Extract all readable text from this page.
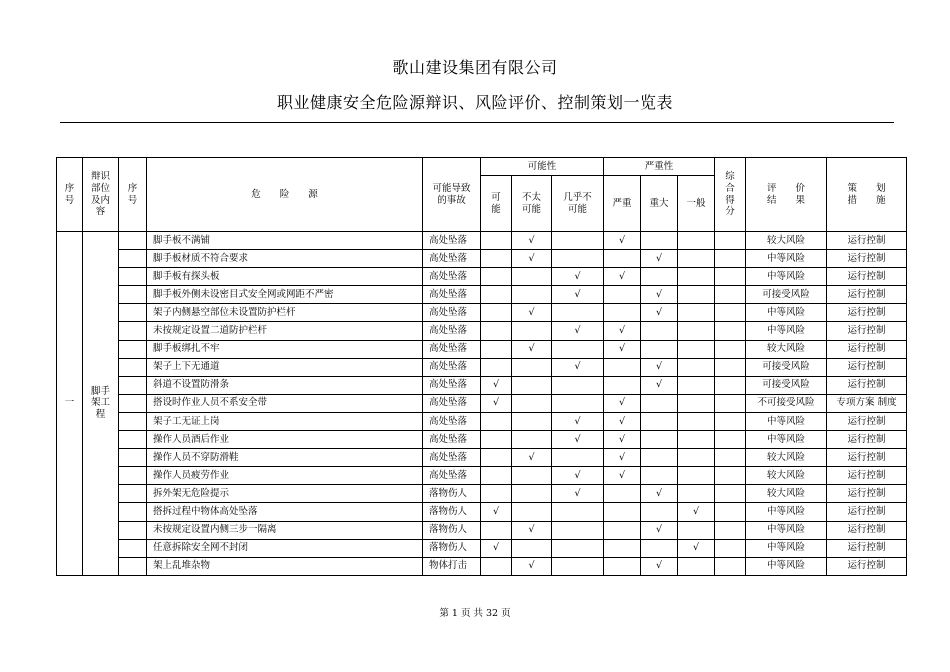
歌山建设集团有限公司
职业健康安全危险源辩识、风险评价、控制策划一览表
序
号	辩识
部位
及内
容	序
号	危　　险　　源	可能导致
的事故	可能性			严重性			综
合
得
分	评　　价
结　　果	策　　划
措　　施

					可
能	不太
可能	几乎不
可能	严重	重大	一般			

一	脚手
架工
程		脚手板不满铺	高处坠落		√		√				较大风险	运行控制
			脚手板材质不符合要求	高处坠落		√			√			中等风险	运行控制
			脚手板有探头板	高处坠落			√	√				中等风险	运行控制
			脚手板外侧未设密目式安全网或网距不严密	高处坠落			√		√			可接受风险	运行控制
			架子内侧悬空部位未设置防护栏杆	高处坠落		√			√			中等风险	运行控制
			未按规定设置二道防护栏杆	高处坠落			√	√				中等风险	运行控制
			脚手板绑扎不牢	高处坠落		√		√				较大风险	运行控制
			架子上下无通道	高处坠落			√		√			可接受风险	运行控制
			斜道不设置防滑条	高处坠落	√				√			可接受风险	运行控制
			搭设时作业人员不系安全带	高处坠落	√			√				不可接受风险	专项方案 制度
			架子工无证上岗	高处坠落			√	√				中等风险	运行控制
			操作人员酒后作业	高处坠落			√	√				中等风险	运行控制
			操作人员不穿防滑鞋	高处坠落		√		√				较大风险	运行控制
			操作人员疲劳作业	高处坠落			√	√				较大风险	运行控制
			拆外架无危险提示	落物伤人			√		√			较大风险	运行控制
			搭拆过程中物体高处坠落	落物伤人	√					√		中等风险	运行控制
			未按规定设置内侧三步一隔离	落物伤人		√			√			中等风险	运行控制
			任意拆除安全网不封闭	落物伤人	√					√		中等风险	运行控制
			架上乱堆杂物	物体打击		√			√			中等风险	运行控制
第 1 页 共 32 页
